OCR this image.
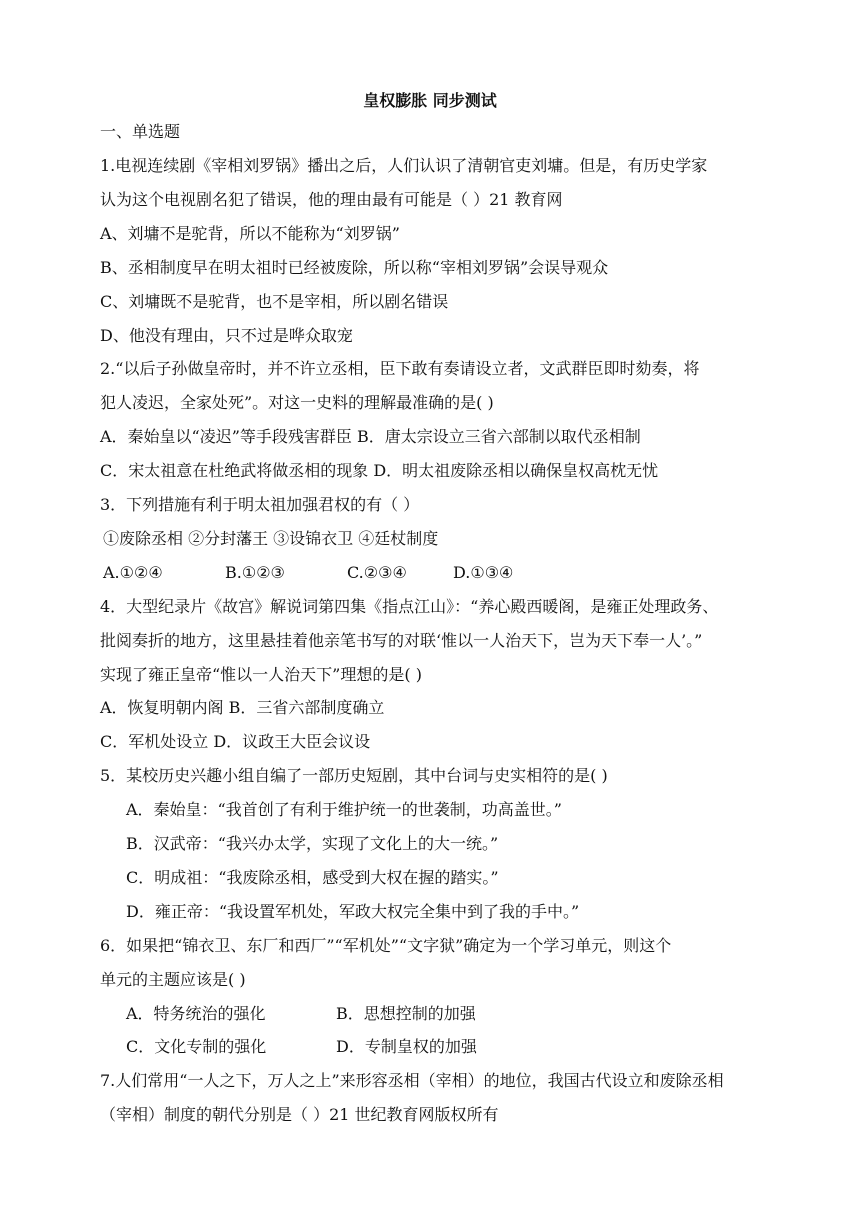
皇权膨胀 同步测试
一、单选题
1.电视连续剧《宰相刘罗锅》播出之后，人们认识了清朝官吏刘墉。但是，有历史学家
认为这个电视剧名犯了错误，他的理由最有可能是（ ）21 教育网
A、刘墉不是驼背，所以不能称为“刘罗锅”
B、丞相制度早在明太祖时已经被废除，所以称“宰相刘罗锅”会误导观众
C、刘墉既不是驼背，也不是宰相，所以剧名错误
D、他没有理由，只不过是哗众取宠
2.“以后子孙做皇帝时，并不许立丞相，臣下敢有奏请设立者，文武群臣即时劾奏，将
犯人凌迟，全家处死”。对这一史料的理解最准确的是( )
A．秦始皇以“凌迟”等手段残害群臣 B．唐太宗设立三省六部制以取代丞相制
C．宋太祖意在杜绝武将做丞相的现象 D．明太祖废除丞相以确保皇权高枕无忧
3．下列措施有利于明太祖加强君权的有（ ）
①废除丞相 ②分封藩王 ③设锦衣卫 ④廷杖制度
A.①②④	B.①②③	C.②③④	D.①③④
4．大型纪录片《故宫》解说词第四集《指点江山》：“养心殿西暖阁，是雍正处理政务、
批阅奏折的地方，这里悬挂着他亲笔书写的对联‘惟以一人治天下，岂为天下奉一人’。”
实现了雍正皇帝“惟以一人治天下”理想的是( )
A．恢复明朝内阁 B．三省六部制度确立
C．军机处设立 D．议政王大臣会议设
5．某校历史兴趣小组自编了一部历史短剧，其中台词与史实相符的是( )
A．秦始皇：“我首创了有利于维护统一的世袭制，功高盖世。”
B．汉武帝：“我兴办太学，实现了文化上的大一统。”
C．明成祖：“我废除丞相，感受到大权在握的踏实。”
D．雍正帝：“我设置军机处，军政大权完全集中到了我的手中。”
6．如果把“锦衣卫、东厂和西厂”“军机处”“文字狱”确定为一个学习单元，则这个
单元的主题应该是( )
A．特务统治的强化	B．思想控制的加强
C．文化专制的强化	D．专制皇权的加强
7.人们常用“一人之下，万人之上”来形容丞相（宰相）的地位，我国古代设立和废除丞相
（宰相）制度的朝代分别是（ ）21 世纪教育网版权所有
